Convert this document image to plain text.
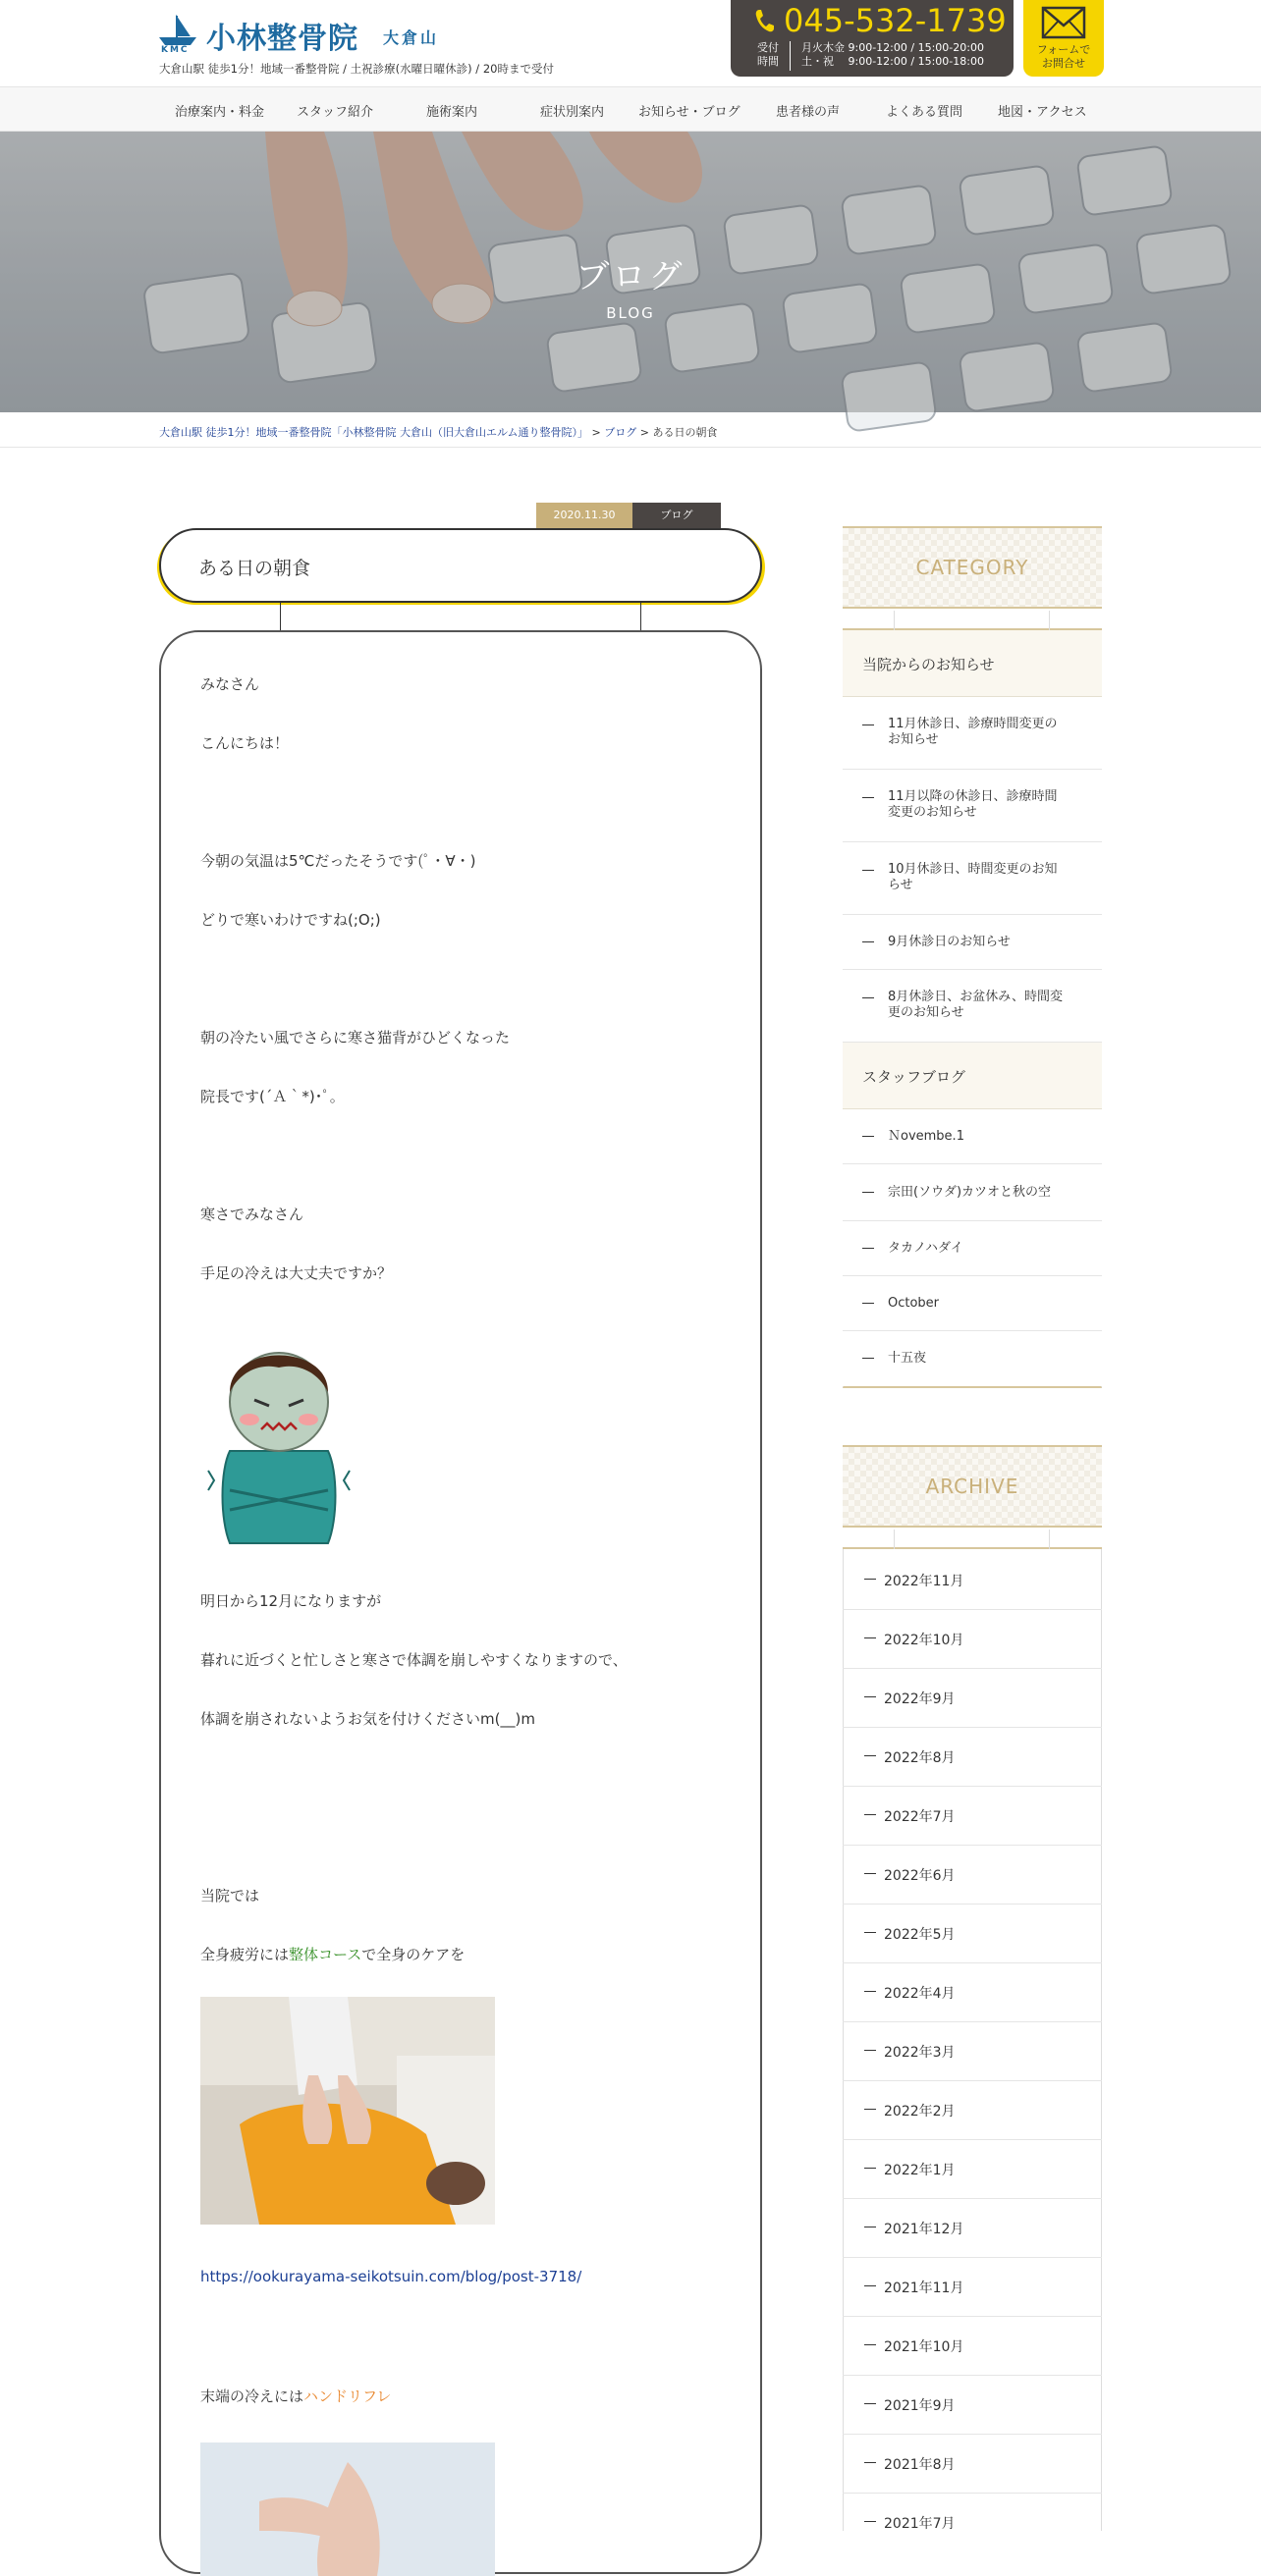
KMC 小林整骨院 大倉山
大倉山駅 徒歩1分！地域一番整骨院 / 土祝診療(水曜日曜休診) / 20時まで受付
045-532-1739
受付
時間
月火木金 9:00-12:00 / 15:00-20:00
土・祝　 9:00-12:00 / 15:00-18:00
フォームで
お問合せ
治療案内・料金	スタッフ紹介	施術案内	症状別案内	お知らせ・ブログ	患者様の声	よくある質問	地図・アクセス
ブログ
BLOG
大倉山駅 徒歩1分！地域一番整骨院「小林整骨院 大倉山（旧大倉山エルム通り整骨院）」 > ブログ > ある日の朝食
2020.11.30	ブログ
ある日の朝食
みなさん
こんにちは！
今朝の気温は5℃だったそうです(ﾟ・∀・)
どりで寒いわけですね(;O;)
朝の冷たい風でさらに寒さ猫背がひどくなった
院長です(´Ａ｀*)･ﾟ｡
寒さでみなさん
手足の冷えは大丈夫ですか？
明日から12月になりますが
暮れに近づくと忙しさと寒さで体調を崩しやすくなりますので、
体調を崩されないようお気を付けくださいm(__)m
当院では
全身疲労には整体コースで全身のケアを
https://ookurayama-seikotsuin.com/blog/post-3718/
末端の冷えにはハンドリフレ
CATEGORY
当院からのお知らせ
11月休診日、診療時間変更の
お知らせ
11月以降の休診日、診療時間
変更のお知らせ
10月休診日、時間変更のお知
らせ
9月休診日のお知らせ
8月休診日、お盆休み、時間変
更のお知らせ
スタッフブログ
Ｎovembe.1
宗田(ソウダ)カツオと秋の空
タカノハダイ
October
十五夜
ARCHIVE
2022年11月
2022年10月
2022年9月
2022年8月
2022年7月
2022年6月
2022年5月
2022年4月
2022年3月
2022年2月
2022年1月
2021年12月
2021年11月
2021年10月
2021年9月
2021年8月
2021年7月
